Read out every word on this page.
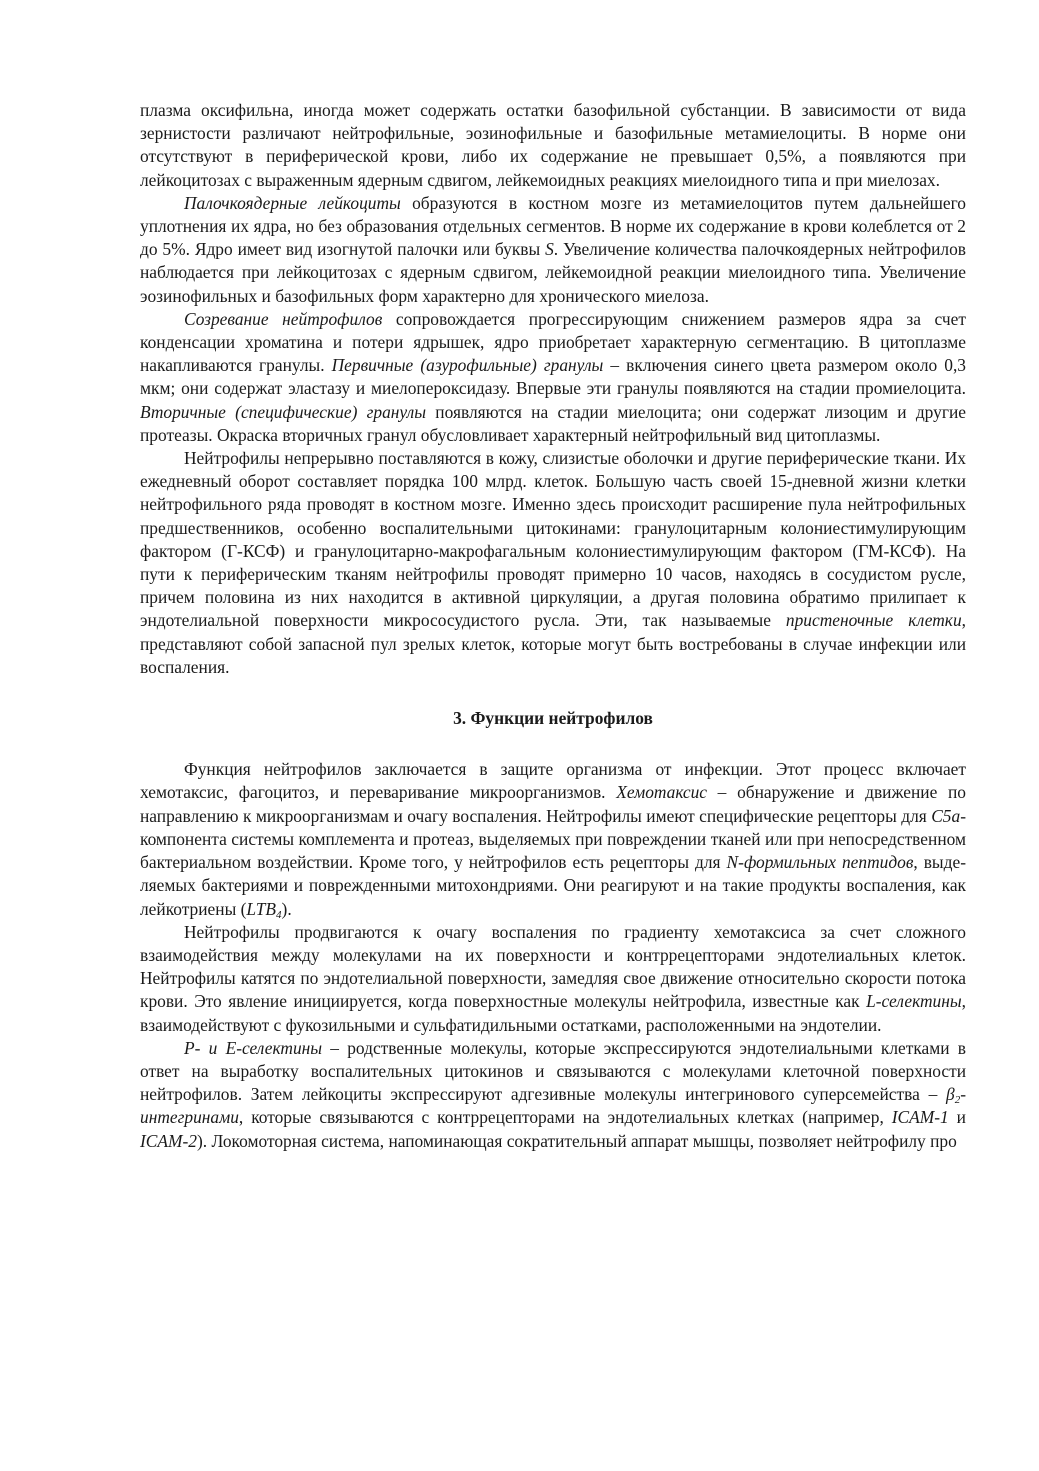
плазма оксифильна, иногда может содержать остатки базофильной субстанции. В зависимости от вида зернистости различают нейтрофильные, эозинофильные и базофильные метамиелоциты. В норме они отсутствуют в периферической крови, либо их содержание не превышает 0,5%, а появляются при лейкоцитозах с выраженным ядерным сдвигом, лейкемоидных реакциях миелоидного типа и при миелозах.

Палочкоядерные лейкоциты образуются в костном мозге из метамиелоцитов путем дальнейшего уплотнения их ядра, но без образования отдельных сегментов. В норме их содержание в крови колеблется от 2 до 5%. Ядро имеет вид изогнутой палочки или буквы S. Увеличение количества палочкоядерных нейтрофилов наблюдается при лейкоцитозах с ядерным сдвигом, лейкемоидной реакции миелоидного типа. Увеличение эозинофильных и базофильных форм характерно для хронического миелоза.

Созревание нейтрофилов сопровождается прогрессирующим снижением размеров ядра за счет конденсации хроматина и потери ядрышек, ядро приобретает характерную сегментацию. В цитоплазме накапливаются гранулы. Первичные (азурофильные) гранулы – включения синего цвета размером около 0,3 мкм; они содержат эластазу и миелопероксидазу. Впервые эти гранулы появляются на стадии промиелоцита. Вторичные (специфические) гранулы появляются на стадии миелоцита; они содержат лизоцим и другие протеазы. Окраска вторичных гранул обусловливает характерный нейтрофильный вид цитоплазмы.

Нейтрофилы непрерывно поставляются в кожу, слизистые оболочки и другие периферические ткани. Их ежедневный оборот составляет порядка 100 млрд. клеток. Большую часть своей 15-дневной жизни клетки нейтрофильного ряда проводят в костном мозге. Именно здесь происходит расширение пула нейтрофильных предшественников, особенно воспалительными цитокинами: гранулоцитарным колониестимулирующим фактором (Г-КСФ) и гранулоцитарно-макрофагальным колониестимулирующим фактором (ГМ-КСФ). На пути к периферическим тканям нейтрофилы проводят примерно 10 часов, находясь в сосудистом русле, причем половина из них находится в активной циркуляции, а другая половина обратимо прилипает к эндотелиальной поверхности микрососудистого русла. Эти, так называемые пристеночные клетки, представляют собой запасной пул зрелых клеток, которые могут быть востребованы в случае инфекции или воспаления.

3. Функции нейтрофилов

Функция нейтрофилов заключается в защите организма от инфекции. Этот процесс включает хемотаксис, фагоцитоз, и переваривание микроорганизмов. Хемотаксис – обнаружение и движение по направлению к микроорганизмам и очагу воспаления. Нейтрофилы имеют специфические рецепторы для C5a-компонента системы комплемента и протеаз, выделяемых при повреждении тканей или при непосредственном бактериальном воздействии. Кроме того, у нейтрофилов есть рецепторы для N-формильных пептидов, выделяемых бактериями и поврежденными митохондриями. Они реагируют и на такие продукты воспаления, как лейкотриены $(LTB_4)$.

Нейтрофилы продвигаются к очагу воспаления по градиенту хемотаксиса за счет сложного взаимодействия между молекулами на их поверхности и контррецепторами эндотелиальных клеток. Нейтрофилы катятся по эндотелиальной поверхности, замедляя свое движение относительно скорости потока крови. Это явление инициируется, когда поверхностные молекулы нейтрофила, известные как L-селектины, взаимодействуют с фукозильными и сульфатидильными остатками, расположенными на эндотелии.

P- и E-селектины – родственные молекулы, которые экспрессируются эндотелиальными клетками в ответ на выработку воспалительных цитокинов и связываются с молекулами клеточной поверхности нейтрофилов. Затем лейкоциты экспрессируют адгезивные молекулы интегринового суперсемейства – $\beta_2$-интегринами, которые связываются с контррецепторами на эндотелиальных клетках (например, ICAM-1 и ICAM-2). Локомоторная система, напоминающая сократительный аппарат мышцы, позволяет нейтрофилу про
